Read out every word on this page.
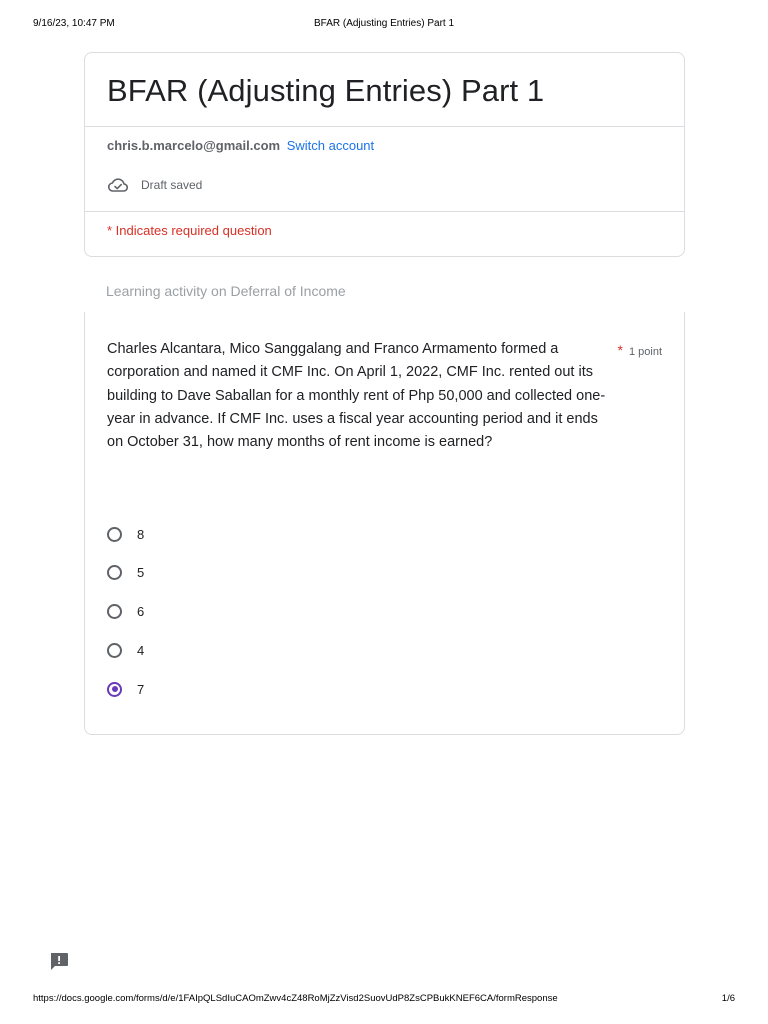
9/16/23, 10:47 PM	BFAR (Adjusting Entries) Part 1
BFAR (Adjusting Entries) Part 1
chris.b.marcelo@gmail.com Switch account
Draft saved
* Indicates required question
Learning activity on Deferral of Income
Charles Alcantara, Mico Sanggalang and Franco Armamento formed a corporation and named it CMF Inc. On April 1, 2022, CMF Inc. rented out its building to Dave Saballan for a monthly rent of Php 50,000 and collected one-year in advance. If CMF Inc. uses a fiscal year accounting period and it ends on October 31, how many months of rent income is earned?
* 1 point
8
5
6
4
7
https://docs.google.com/forms/d/e/1FAIpQLSdIuCAOmZwv4cZ48RoMjZzVisd2SuovUdP8ZsCPBukKNEF6CA/formResponse	1/6
